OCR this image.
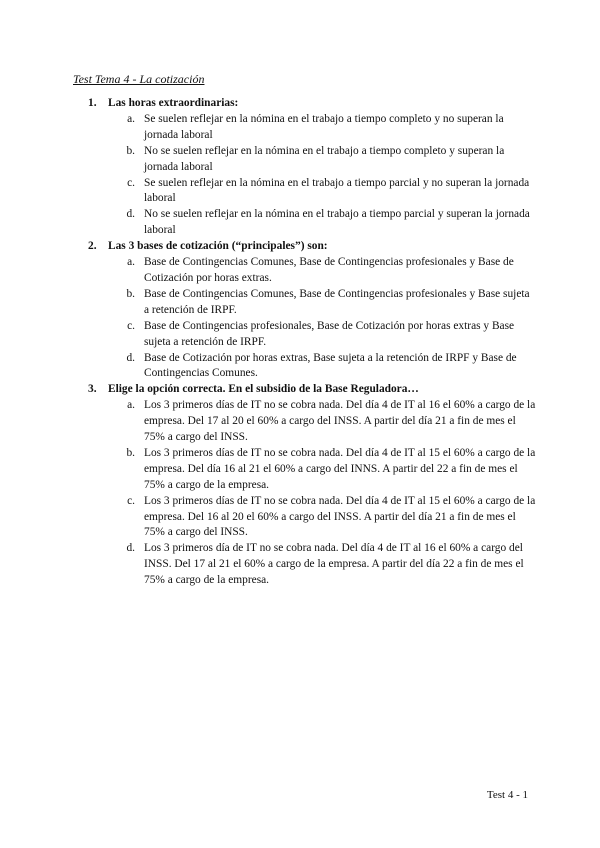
Test Tema 4 - La cotización
1.	Las horas extraordinarias:
a. Se suelen reflejar en la nómina en el trabajo a tiempo completo y no superan la jornada laboral
b. No se suelen reflejar en la nómina en el trabajo a tiempo completo y superan la jornada laboral
c. Se suelen reflejar en la nómina en el trabajo a tiempo parcial y no superan la jornada laboral
d. No se suelen reflejar en la nómina en el trabajo a tiempo parcial y superan la jornada laboral
2.	Las 3 bases de cotización (“principales”) son:
a. Base de Contingencias Comunes, Base de Contingencias profesionales y Base de Cotización por horas extras.
b. Base de Contingencias Comunes, Base de Contingencias profesionales y Base sujeta a retención de IRPF.
c. Base de Contingencias profesionales, Base de Cotización por horas extras y Base sujeta a retención de IRPF.
d. Base de Cotización por horas extras, Base sujeta a la retención de IRPF y Base de Contingencias Comunes.
3.	Elige la opción correcta. En el subsidio de la Base Reguladora…
a. Los 3 primeros días de IT no se cobra nada. Del día 4 de IT al 16 el 60% a cargo de la empresa. Del 17 al 20 el 60% a cargo del INSS. A partir del día 21 a fin de mes el 75% a cargo del INSS.
b. Los 3 primeros días de IT no se cobra nada. Del día 4 de IT al 15 el 60% a cargo de la empresa. Del día 16 al 21 el 60% a cargo del INNS. A partir del 22 a fin de mes el 75% a cargo de la empresa.
c. Los 3 primeros días de IT no se cobra nada. Del día 4 de IT al 15 el 60% a cargo de la empresa. Del 16 al 20 el 60% a cargo del INSS. A partir del día 21 a fin de mes el 75% a cargo del INSS.
d. Los 3 primeros día de IT no se cobra nada. Del día 4 de IT al 16 el 60% a cargo del INSS. Del 17 al 21 el 60% a cargo de la empresa. A partir del día 22 a fin de mes el 75% a cargo de la empresa.
Test 4 - 1
